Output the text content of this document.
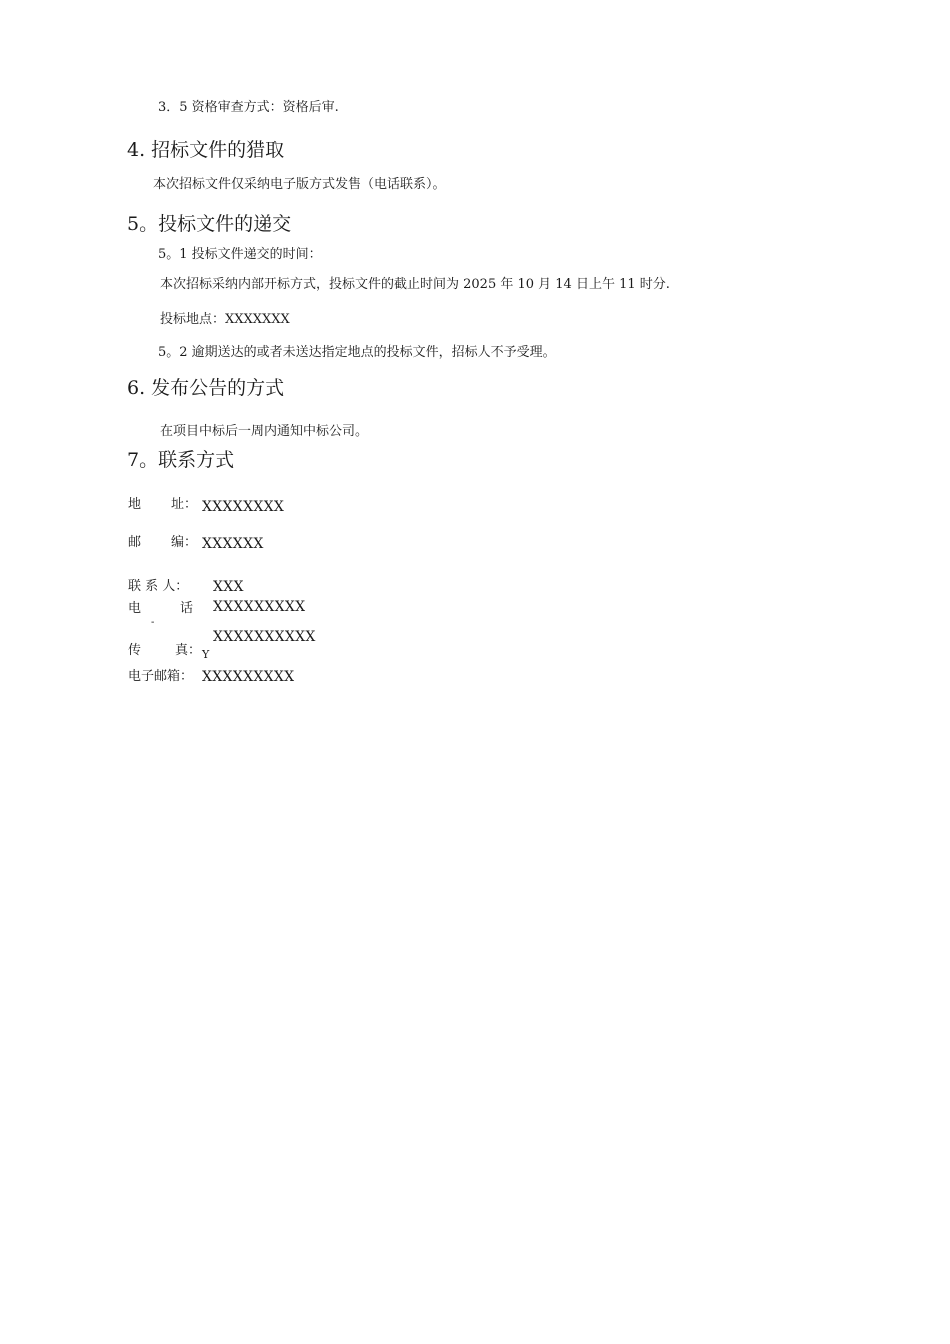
3．5 资格审查方式：资格后审.
4. 招标文件的猎取
本次招标文件仅采纳电子版方式发售（电话联系）。
5。投标文件的递交
5。1 投标文件递交的时间：
本次招标采纳内部开标方式，投标文件的截止时间为 2025 年 10 月 14 日上午 11 时分.
投标地点：XXXXXXX
5。2 逾期送达的或者未送达指定地点的投标文件，招标人不予受理。
6. 发布公告的方式
在项目中标后一周内通知中标公司。
7。联系方式
地 址： XXXXXXXX
邮 编： XXXXXX
联 系 人： XXX
电	话 XXXXXXXXX
-
XXXXXXXXXX
传	真： Y
电子邮箱： XXXXXXXXX
